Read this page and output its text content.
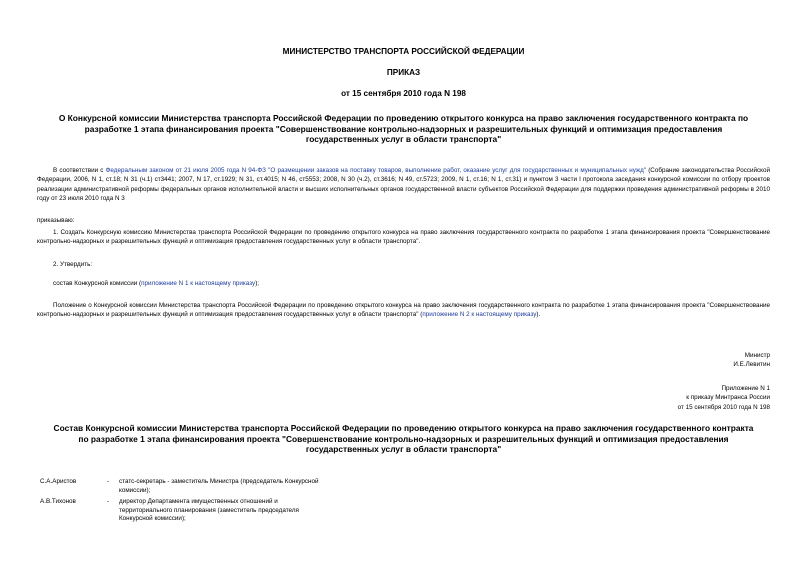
МИНИСТЕРСТВО ТРАНСПОРТА РОССИЙСКОЙ ФЕДЕРАЦИИ
ПРИКАЗ
от 15 сентября 2010 года N 198
О Конкурсной комиссии Министерства транспорта Российской Федерации по проведению открытого конкурса на право заключения государственного контракта по разработке 1 этапа финансирования проекта "Совершенствование контрольно-надзорных и разрешительных функций и оптимизация предоставления государственных услуг в области транспорта"
В соответствии с Федеральным законом от 21 июля 2005 года N 94-ФЗ "О размещении заказов на поставку товаров, выполнение работ, оказание услуг для государственных и муниципальных нужд" (Собрание законодательства Российской Федерации, 2006, N 1, ст.18; N 31 (ч.1) ст3441; 2007, N 17, ст.1929; N 31, ст.4015; N 46, ст5553; 2008, N 30 (ч.2), ст.3616; N 49, ст.5723; 2009, N 1, ст.16; N 1, ст.31) и пунктом 3 части I протокола заседания конкурсной комиссии по отбору проектов реализации административной реформы федеральных органов исполнительной власти и высших исполнительных органов государственной власти субъектов Российской Федерации для поддержки проведения административной реформы в 2010 году от 23 июля 2010 года N 3
приказываю:
1. Создать Конкурсную комиссию Министерства транспорта Российской Федерации по проведению открытого конкурса на право заключения государственного контракта по разработке 1 этапа финансирования проекта "Совершенствование контрольно-надзорных и разрешительных функций и оптимизация предоставления государственных услуг в области транспорта".
2. Утвердить:
состав Конкурсной комиссии (приложение N 1 к настоящему приказу);
Положение о Конкурсной комиссии Министерства транспорта Российской Федерации по проведению открытого конкурса на право заключения государственного контракта по разработке 1 этапа финансирования проекта "Совершенствование контрольно-надзорных и разрешительных функций и оптимизация предоставления государственных услуг в области транспорта" (приложение N 2 к настоящему приказу).
Министр
И.Е.Левитин
Приложение N 1
к приказу Минтранса России
от 15 сентября 2010 года N 198
Состав Конкурсной комиссии Министерства транспорта Российской Федерации по проведению открытого конкурса на право заключения государственного контракта по разработке 1 этапа финансирования проекта "Совершенствование контрольно-надзорных и разрешительных функций и оптимизация предоставления государственных услуг в области транспорта"
С.А.Аристов	-	статс-секретарь - заместитель Министра (председатель Конкурсной комиссии);
А.В.Тихонов	-	директор Департамента имущественных отношений и территориального планирования (заместитель председателя Конкурсной комиссии);
